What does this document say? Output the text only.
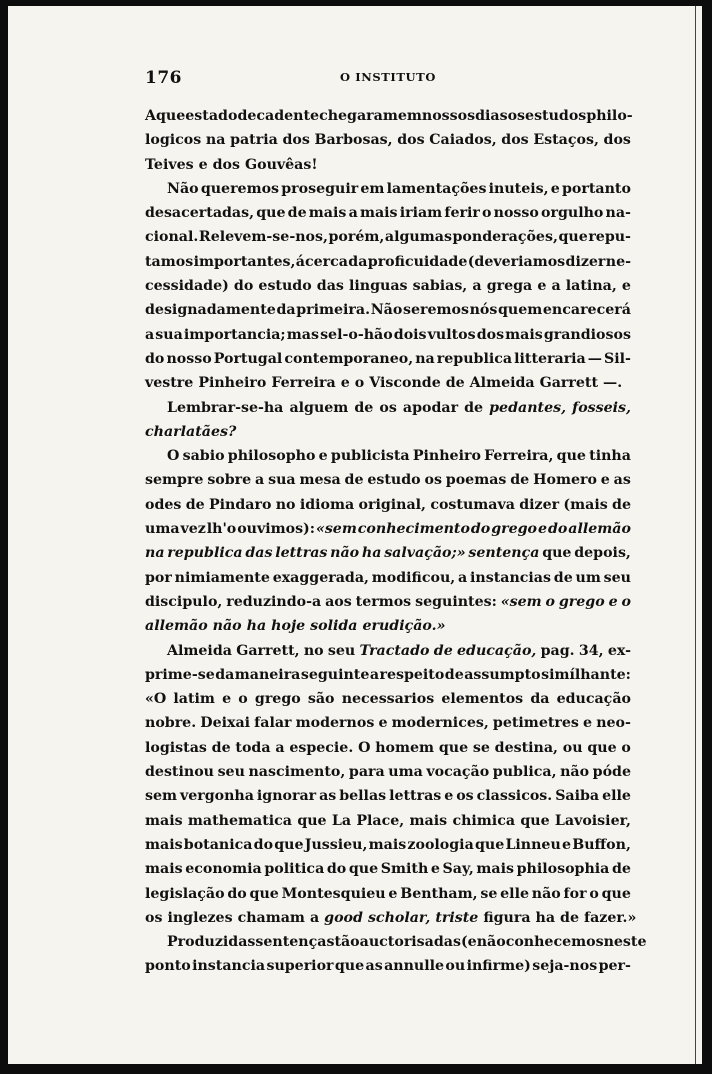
176	O INSTITUTO
A que estado decadente chegaram em nossos dias os estudos philo-
logicos na patria dos Barbosas, dos Caiados, dos Estaços, dos
Teives e dos Gouvêas!
Não queremos proseguir em lamentações inuteis, e portanto
desacertadas, que de mais a mais iriam ferir o nosso orgulho na-
cional. Relevem-se-nos, porém, algumas ponderações, que repu-
tamos importantes, ácerca da proficuidade (deveriamos dizer ne-
cessidade) do estudo das linguas sabias, a grega e a latina, e
designadamente da primeira. Não seremos nós quem encarecerá
a sua importancia; mas sel-o-hão dois vultos dos mais grandiosos
do nosso Portugal contemporaneo, na republica litteraria — Sil-
vestre Pinheiro Ferreira e o Visconde de Almeida Garrett —.
Lembrar-se-ha alguem de os apodar de pedantes, fosseis,
charlatães?
O sabio philosopho e publicista Pinheiro Ferreira, que tinha
sempre sobre a sua mesa de estudo os poemas de Homero e as
odes de Pindaro no idioma original, costumava dizer (mais de
uma vez lh'o ouvimos): «sem conhecimento do grego e do allemão
na republica das lettras não ha salvação;» sentença que depois,
por nimiamente exaggerada, modificou, a instancias de um seu
discipulo, reduzindo-a aos termos seguintes: «sem o grego e o
allemão não ha hoje solida erudição.»
Almeida Garrett, no seu Tractado de educação, pag. 34, ex-
prime-se da maneira seguinte a respeito de assumpto simílhante:
«O latim e o grego são necessarios elementos da educação
nobre. Deixai falar modernos e modernices, petimetres e neo-
logistas de toda a especie. O homem que se destina, ou que o
destinou seu nascimento, para uma vocação publica, não póde
sem vergonha ignorar as bellas lettras e os classicos. Saiba elle
mais mathematica que La Place, mais chimica que Lavoisier,
mais botanica do que Jussieu, mais zoologia que Linneu e Buffon,
mais economia politica do que Smith e Say, mais philosophia de
legislação do que Montesquieu e Bentham, se elle não for o que
os inglezes chamam a good scholar, triste figura ha de fazer.»
Produzidas sentenças tão auctorisadas (e não conhecemos neste
ponto instancia superior que as annulle ou infirme) seja-nos per-
